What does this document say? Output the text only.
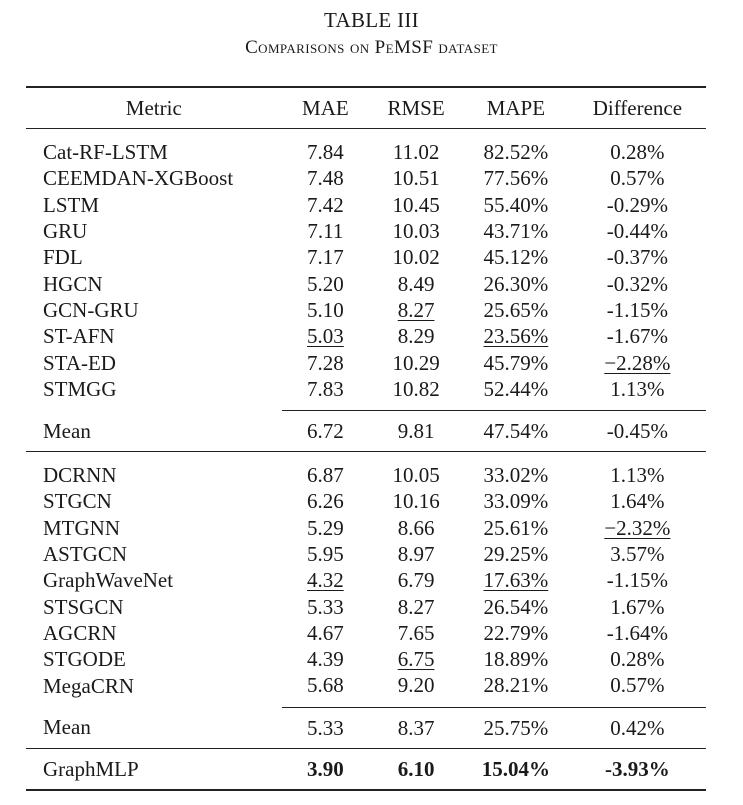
TABLE III
Comparisons on PeMSF dataset
Metric	MAE	RMSE	MAPE	Difference
Cat-RF-LSTM	7.84	11.02	82.52%	0.28%
CEEMDAN-XGBoost	7.48	10.51	77.56%	0.57%
LSTM	7.42	10.45	55.40%	-0.29%
GRU	7.11	10.03	43.71%	-0.44%
FDL	7.17	10.02	45.12%	-0.37%
HGCN	5.20	8.49	26.30%	-0.32%
GCN-GRU	5.10	8.27	25.65%	-1.15%
ST-AFN	5.03	8.29	23.56%	-1.67%
STA-ED	7.28	10.29	45.79%	−2.28%
STMGG	7.83	10.82	52.44%	1.13%
Mean	6.72	9.81	47.54%	-0.45%
DCRNN	6.87	10.05	33.02%	1.13%
STGCN	6.26	10.16	33.09%	1.64%
MTGNN	5.29	8.66	25.61%	−2.32%
ASTGCN	5.95	8.97	29.25%	3.57%
GraphWaveNet	4.32	6.79	17.63%	-1.15%
STSGCN	5.33	8.27	26.54%	1.67%
AGCRN	4.67	7.65	22.79%	-1.64%
STGODE	4.39	6.75	18.89%	0.28%
MegaCRN	5.68	9.20	28.21%	0.57%
Mean	5.33	8.37	25.75%	0.42%
GraphMLP	3.90	6.10	15.04%	-3.93%
